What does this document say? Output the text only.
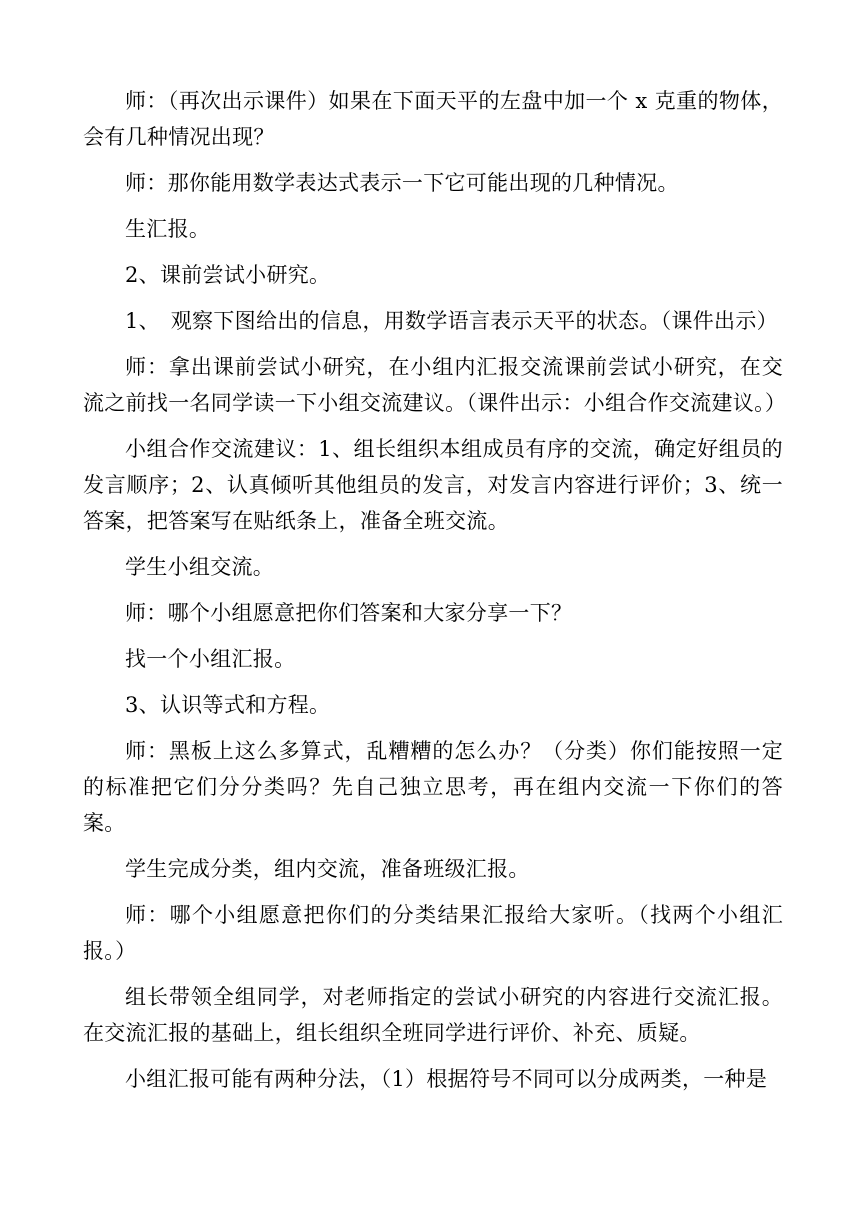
师：（再次出示课件）如果在下面天平的左盘中加一个 x 克重的物体，会有几种情况出现？

师：那你能用数学表达式表示一下它可能出现的几种情况。

生汇报。

2、课前尝试小研究。

1、　观察下图给出的信息，用数学语言表示天平的状态。（课件出示）

师：拿出课前尝试小研究，在小组内汇报交流课前尝试小研究，在交流之前找一名同学读一下小组交流建议。（课件出示：小组合作交流建议。）

小组合作交流建议：1、组长组织本组成员有序的交流，确定好组员的发言顺序；2、认真倾听其他组员的发言，对发言内容进行评价；3、统一答案，把答案写在贴纸条上，准备全班交流。

学生小组交流。

师：哪个小组愿意把你们答案和大家分享一下？

找一个小组汇报。

3、认识等式和方程。

师：黑板上这么多算式，乱糟糟的怎么办？（分类）你们能按照一定的标准把它们分分类吗？先自己独立思考，再在组内交流一下你们的答案。

学生完成分类，组内交流，准备班级汇报。

师：哪个小组愿意把你们的分类结果汇报给大家听。（找两个小组汇报。）

组长带领全组同学，对老师指定的尝试小研究的内容进行交流汇报。在交流汇报的基础上，组长组织全班同学进行评价、补充、质疑。

小组汇报可能有两种分法，（1）根据符号不同可以分成两类，一种是
